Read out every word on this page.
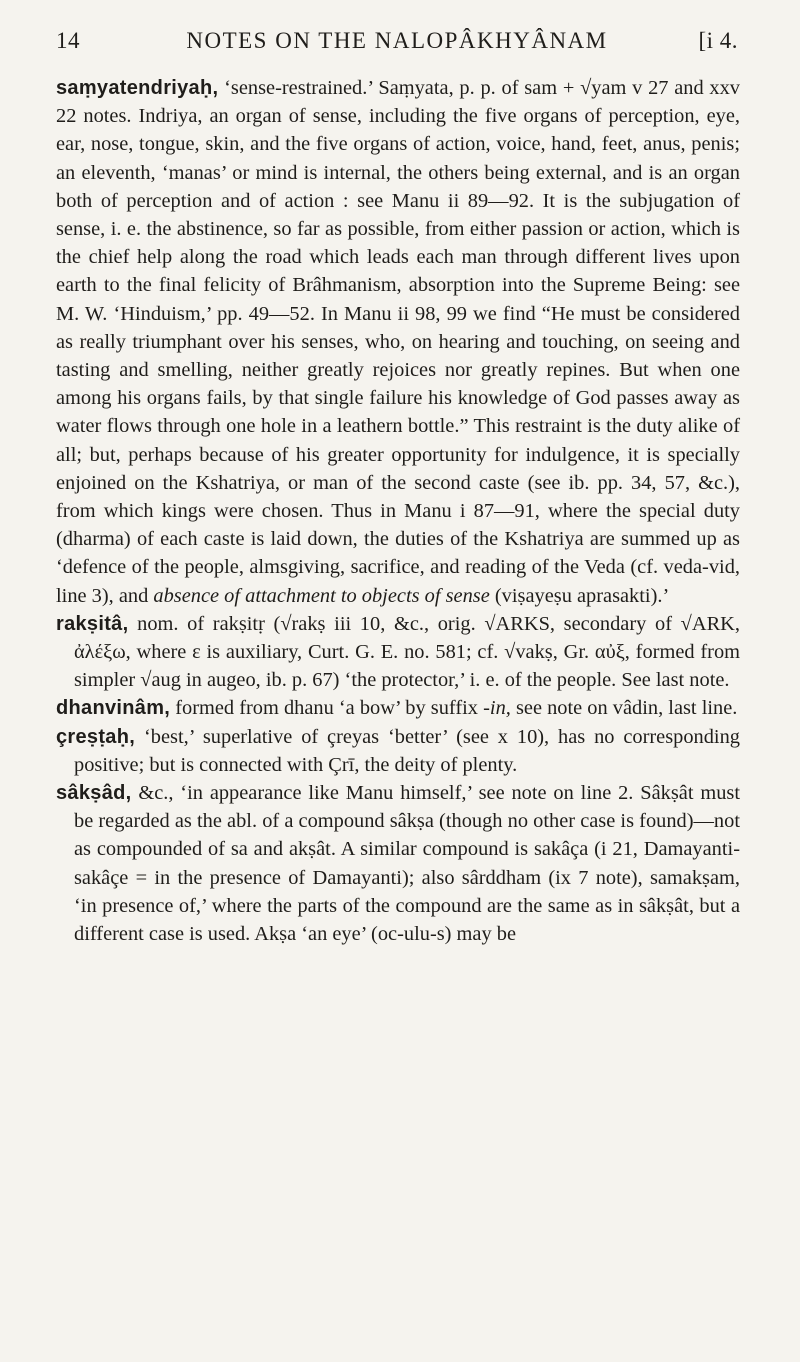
14	NOTES ON THE NALOPÂKHYÂNAM	[i 4.

saṃyatendriyaḥ, ‘sense-restrained.’ Saṃyata, p. p. of sam + √yam v 27 and xxv 22 notes. Indriya, an organ of sense, including the five organs of perception, eye, ear, nose, tongue, skin, and the five organs of action, voice, hand, feet, anus, penis; an eleventh, ‘manas’ or mind is internal, the others being external, and is an organ both of perception and of action : see Manu ii 89—92. It is the subjugation of sense, i. e. the abstinence, so far as possible, from either passion or action, which is the chief help along the road which leads each man through different lives upon earth to the final felicity of Brâhmanism, absorption into the Supreme Being: see M. W. ‘Hinduism,’ pp. 49—52. In Manu ii 98, 99 we find “He must be considered as really triumphant over his senses, who, on hearing and touching, on seeing and tasting and smelling, neither greatly rejoices nor greatly repines. But when one among his organs fails, by that single failure his knowledge of God passes away as water flows through one hole in a leathern bottle.” This restraint is the duty alike of all; but, perhaps because of his greater opportunity for indulgence, it is specially enjoined on the Kshatriya, or man of the second caste (see ib. pp. 34, 57, &c.), from which kings were chosen. Thus in Manu i 87—91, where the special duty (dharma) of each caste is laid down, the duties of the Kshatriya are summed up as ‘defence of the people, almsgiving, sacrifice, and reading of the Veda (cf. veda-vid, line 3), and absence of attachment to objects of sense (viṣayeṣu aprasakti).’

rakṣitâ, nom. of rakṣitṛ (√rakṣ iii 10, &c., orig. √ARKS, secondary of √ARK, ἀλέξω, where ε is auxiliary, Curt. G. E. no. 581; cf. √vakṣ, Gr. αὐξ, formed from simpler √aug in augeo, ib. p. 67) ‘the protector,’ i. e. of the people. See last note.

dhanvinâm, formed from dhanu ‘a bow’ by suffix -in, see note on vâdin, last line.

çreṣṭaḥ, ‘best,’ superlative of çreyas ‘better’ (see x 10), has no corresponding positive; but is connected with Çrī, the deity of plenty.

sâkṣâd, &c., ‘in appearance like Manu himself,’ see note on line 2. Sâkṣât must be regarded as the abl. of a compound sâkṣa (though no other case is found)—not as compounded of sa and akṣât. A similar compound is sakâça (i 21, Damayanti-sakâçe = in the presence of Damayanti); also sârddham (ix 7 note), samakṣam, ‘in presence of,’ where the parts of the compound are the same as in sâkṣât, but a different case is used. Akṣa ‘an eye’ (oc-ulu-s) may be
